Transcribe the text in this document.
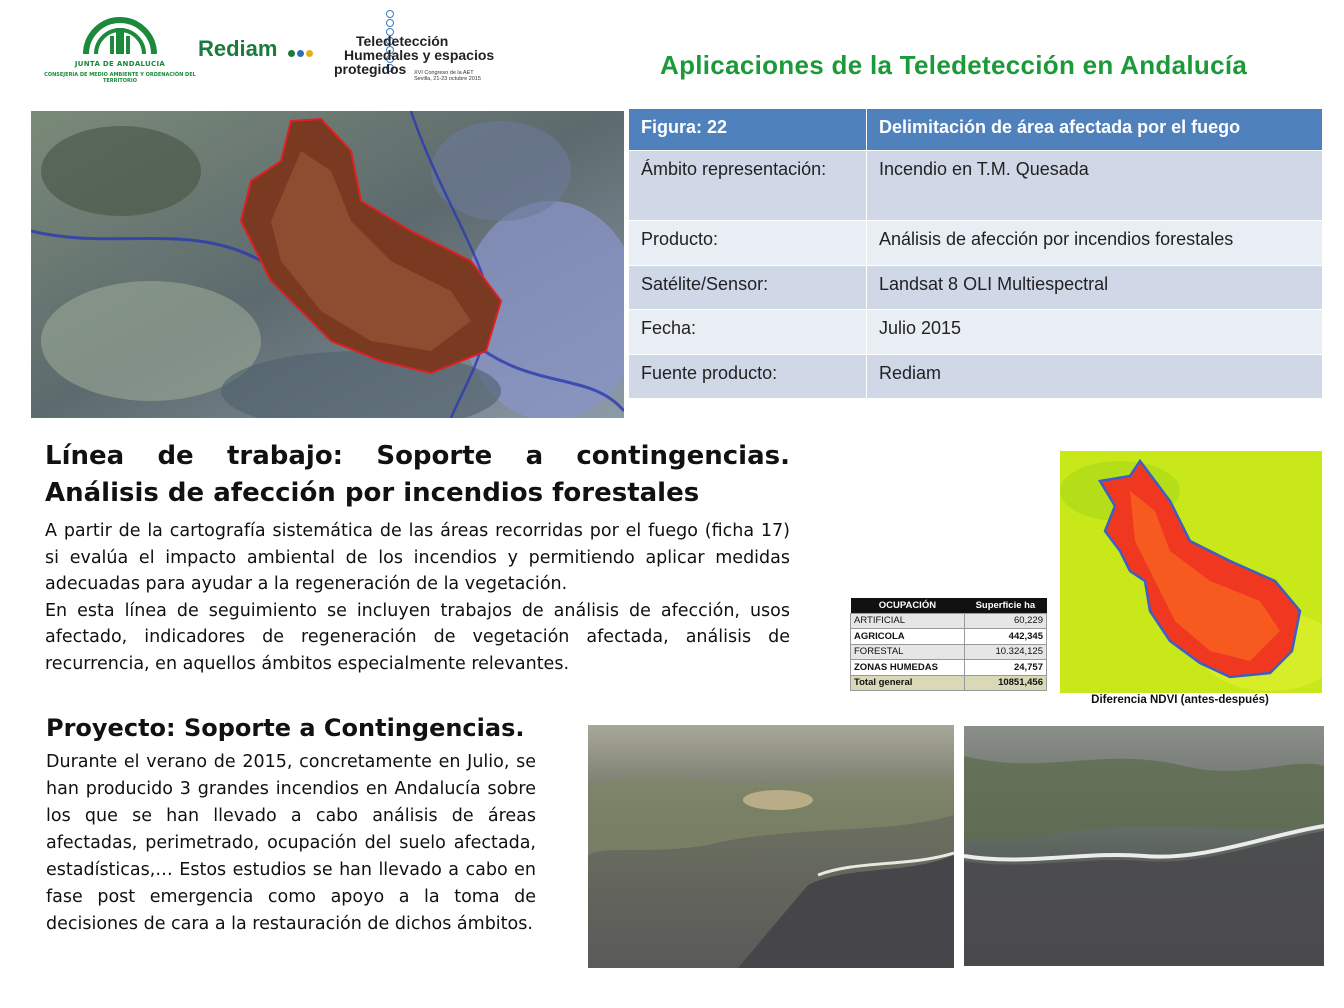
JUNTA DE ANDALUCIA
CONSEJERIA DE MEDIO AMBIENTE Y ORDENACIÓN DEL TERRITORIO
Rediam	Teledetección
Humedales y espacios
protegidos XVI Congreso de la AET
Sevilla, 21-23 octubre 2015	Aplicaciones de la Teledetección en Andalucía
Figura: 22	Delimitación de área afectada por el fuego
Ámbito representación:	Incendio en T.M. Quesada
Producto:	Análisis de afección por incendios forestales
Satélite/Sensor:	Landsat 8 OLI Multiespectral
Fecha:	Julio 2015
Fuente producto:	Rediam
Línea de trabajo: Soporte a contingencias. Análisis de afección por incendios forestales

A partir de la cartografía sistemática de las áreas recorridas por el fuego (ficha 17) si evalúa el impacto ambiental de los incendios y permitiendo aplicar medidas adecuadas para ayudar a la regeneración de la vegetación.

En esta línea de seguimiento se incluyen trabajos de análisis de afección, usos afectado, indicadores de regeneración de vegetación afectada, análisis de recurrencia, en aquellos ámbitos especialmente relevantes.

OCUPACIÓN	Superficie ha
ARTIFICIAL	60,229
AGRICOLA	442,345
FORESTAL	10.324,125
ZONAS HUMEDAS	24,757
Total general	10851,456
Diferencia NDVI (antes-después)
Proyecto: Soporte a Contingencias.
Durante el verano de 2015, concretamente en Julio, se han producido 3 grandes incendios en Andalucía sobre los que se han llevado a cabo análisis de áreas afectadas, perimetrado, ocupación del suelo afectada, estadísticas,… Estos estudios se han llevado a cabo en fase post emergencia como apoyo a la toma de decisiones de cara a la restauración de dichos ámbitos.
